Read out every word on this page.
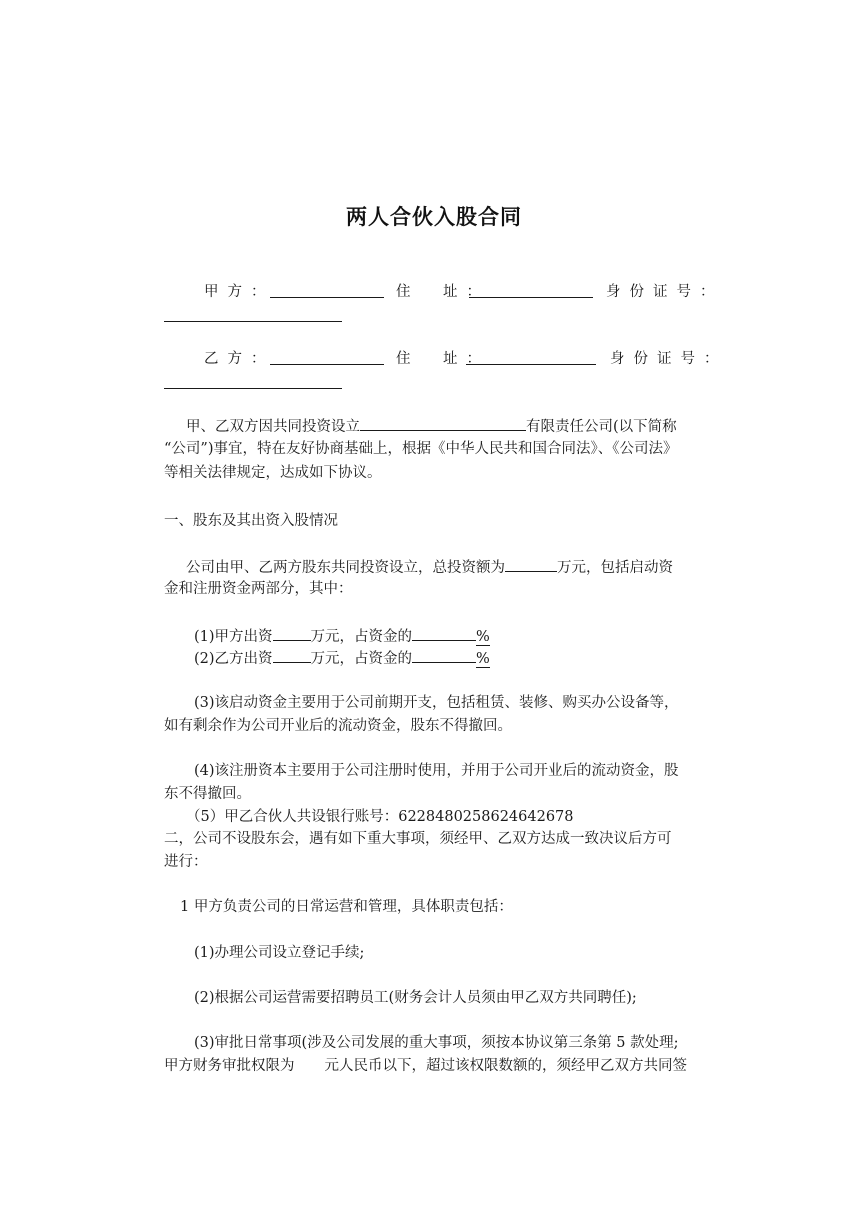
两人合伙入股合同
甲方：	住　址：	身份证号：
乙方：	住　址：	身份证号：
甲、乙双方因共同投资设立	有限责任公司(以下简称
“公司”)事宜，特在友好协商基础上，根据《中华人民共和国合同法》、《公司法》
等相关法律规定，达成如下协议。
一、股东及其出资入股情况
公司由甲、乙两方股东共同投资设立，总投资额为	万元，包括启动资
金和注册资金两部分，其中：
(1)甲方出资	万元，占资金的	%
(2)乙方出资	万元，占资金的	%
(3)该启动资金主要用于公司前期开支，包括租赁、装修、购买办公设备等，
如有剩余作为公司开业后的流动资金，股东不得撤回。
(4)该注册资本主要用于公司注册时使用，并用于公司开业后的流动资金，股
东不得撤回。
（5）甲乙合伙人共设银行账号：6228480258624642678
二，公司不设股东会，遇有如下重大事项，须经甲、乙双方达成一致决议后方可
进行：
1 甲方负责公司的日常运营和管理，具体职责包括：
(1)办理公司设立登记手续;
(2)根据公司运营需要招聘员工(财务会计人员须由甲乙双方共同聘任);
(3)审批日常事项(涉及公司发展的重大事项，须按本协议第三条第 5 款处理;
甲方财务审批权限为 元人民币以下，超过该权限数额的，须经甲乙双方共同签
